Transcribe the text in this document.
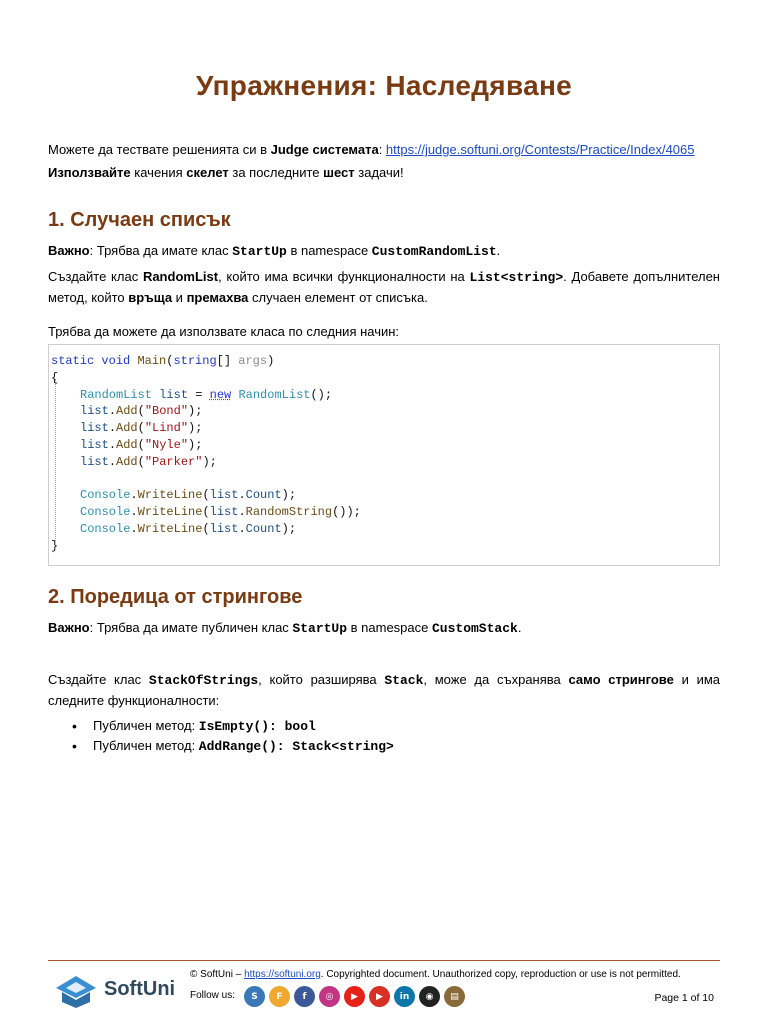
Упражнения: Наследяване
Можете да тествате решенията си в Judge системата: https://judge.softuni.org/Contests/Practice/Index/4065
Използвайте качения скелет за последните шест задачи!
1. Случаен списък
Важно: Трябва да имате клас StartUp в namespace CustomRandomList.
Създайте клас RandomList, който има всички функционалности на List<string>. Добавете допълнителен метод, който връща и премахва случаен елемент от списъка.
Трябва да можете да използвате класа по следния начин:
static void Main(string[] args)
{
RandomList list = new RandomList();
list.Add("Bond");
list.Add("Lind");
list.Add("Nyle");
list.Add("Parker");

Console.WriteLine(list.Count);
Console.WriteLine(list.RandomString());
Console.WriteLine(list.Count);
}
2. Поредица от стрингове
Важно: Трябва да имате публичен клас StartUp в namespace CustomStack.
Създайте клас StackOfStrings, който разширява Stack, може да съхранява само стрингове и има следните функционалности:
• Публичен метод: IsEmpty(): bool
• Публичен метод: AddRange(): Stack<string>
SoftUni
© SoftUni – https://softuni.org. Copyrighted document. Unauthorized copy, reproduction or use is not permitted.
Follow us:	S	F	f	◎	▶	▶	in	◉	▤	Page 1 of 10
